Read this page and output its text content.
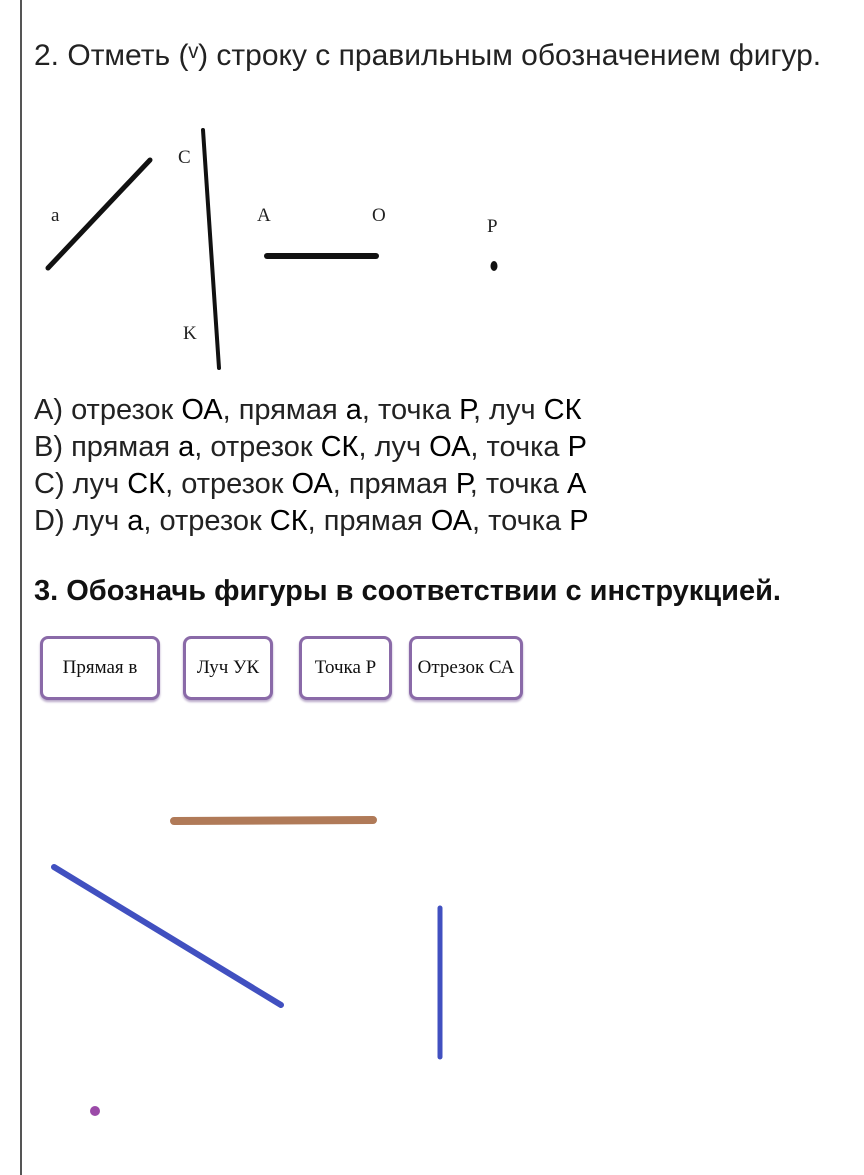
2. Отметь (ᵛ) строку с правильным обозначением фигур.
a
C
K
A	O
P
A) отрезок ОА, прямая а, точка Р, луч СК
B) прямая а, отрезок СК, луч ОА, точка Р
C) луч СК, отрезок ОА, прямая Р, точка А
D) луч а, отрезок СК, прямая ОА, точка Р
3. Обозначь фигуры в соответствии с инструкцией.
Прямая в	Луч УК	Точка Р	Отрезок СА
